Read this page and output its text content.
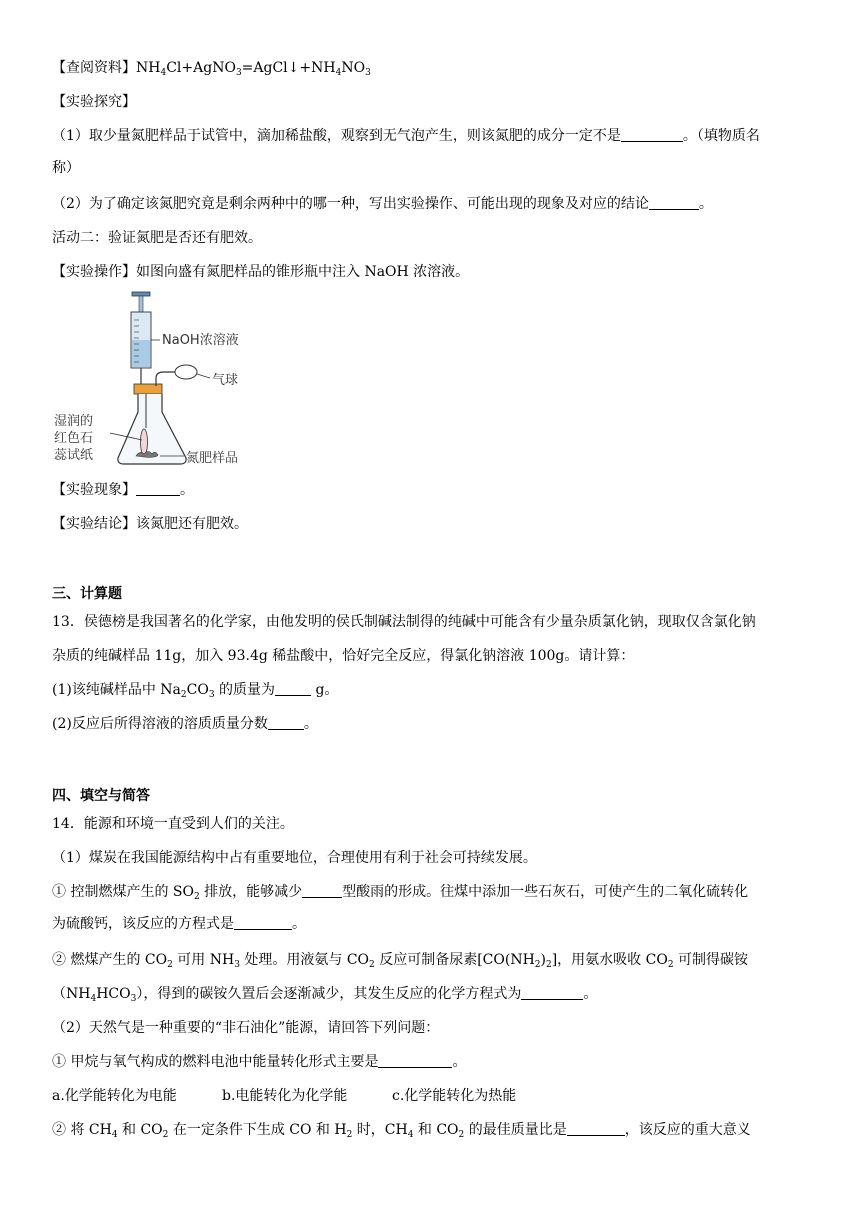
【查阅资料】$NH_4Cl+AgNO_3=AgCl↓+NH_4NO_3$
【实验探究】
（1）取少量氮肥样品于试管中，滴加稀盐酸，观察到无气泡产生，则该氮肥的成分一定不是	。（填物质名
称）
（2）为了确定该氮肥究竟是剩余两种中的哪一种，写出实验操作、可能出现的现象及对应的结论	。
活动二：验证氮肥是否还有肥效。
【实验操作】如图向盛有氮肥样品的锥形瓶中注入 NaOH 浓溶液。
NaOH浓溶液
气球
湿润的
红色石
蕊试纸	氮肥样品
【实验现象】	。
【实验结论】该氮肥还有肥效。
三、计算题
13．侯德榜是我国著名的化学家，由他发明的侯氏制碱法制得的纯碱中可能含有少量杂质氯化钠，现取仅含氯化钠
杂质的纯碱样品 11g，加入 93.4g 稀盐酸中，恰好完全反应，得氯化钠溶液 100g。请计算：
(1)该纯碱样品中 $Na_2CO_3$ 的质量为	g。
(2)反应后所得溶液的溶质质量分数	。
四、填空与简答
14．能源和环境一直受到人们的关注。
（1）煤炭在我国能源结构中占有重要地位，合理使用有利于社会可持续发展。
① 控制燃煤产生的 $SO_2$ 排放，能够减少	型酸雨的形成。往煤中添加一些石灰石，可使产生的二氧化硫转化
为硫酸钙，该反应的方程式是	。
② 燃煤产生的 $CO_2$ 可用 $NH_3$ 处理。用液氨与 $CO_2$ 反应可制备尿素$[CO(NH_2)_2]$，用氨水吸收 $CO_2$ 可制得碳铵
$(NH_4HCO_3)$，得到的碳铵久置后会逐渐减少，其发生反应的化学方程式为	。
（2）天然气是一种重要的“非石油化”能源，请回答下列问题：
① 甲烷与氧气构成的燃料电池中能量转化形式主要是	。
a.化学能转化为电能	b.电能转化为化学能	c.化学能转化为热能
② 将 $CH_4$ 和 $CO_2$ 在一定条件下生成 CO 和 $H_2$ 时，$CH_4$ 和 $CO_2$ 的最佳质量比是	，该反应的重大意义
